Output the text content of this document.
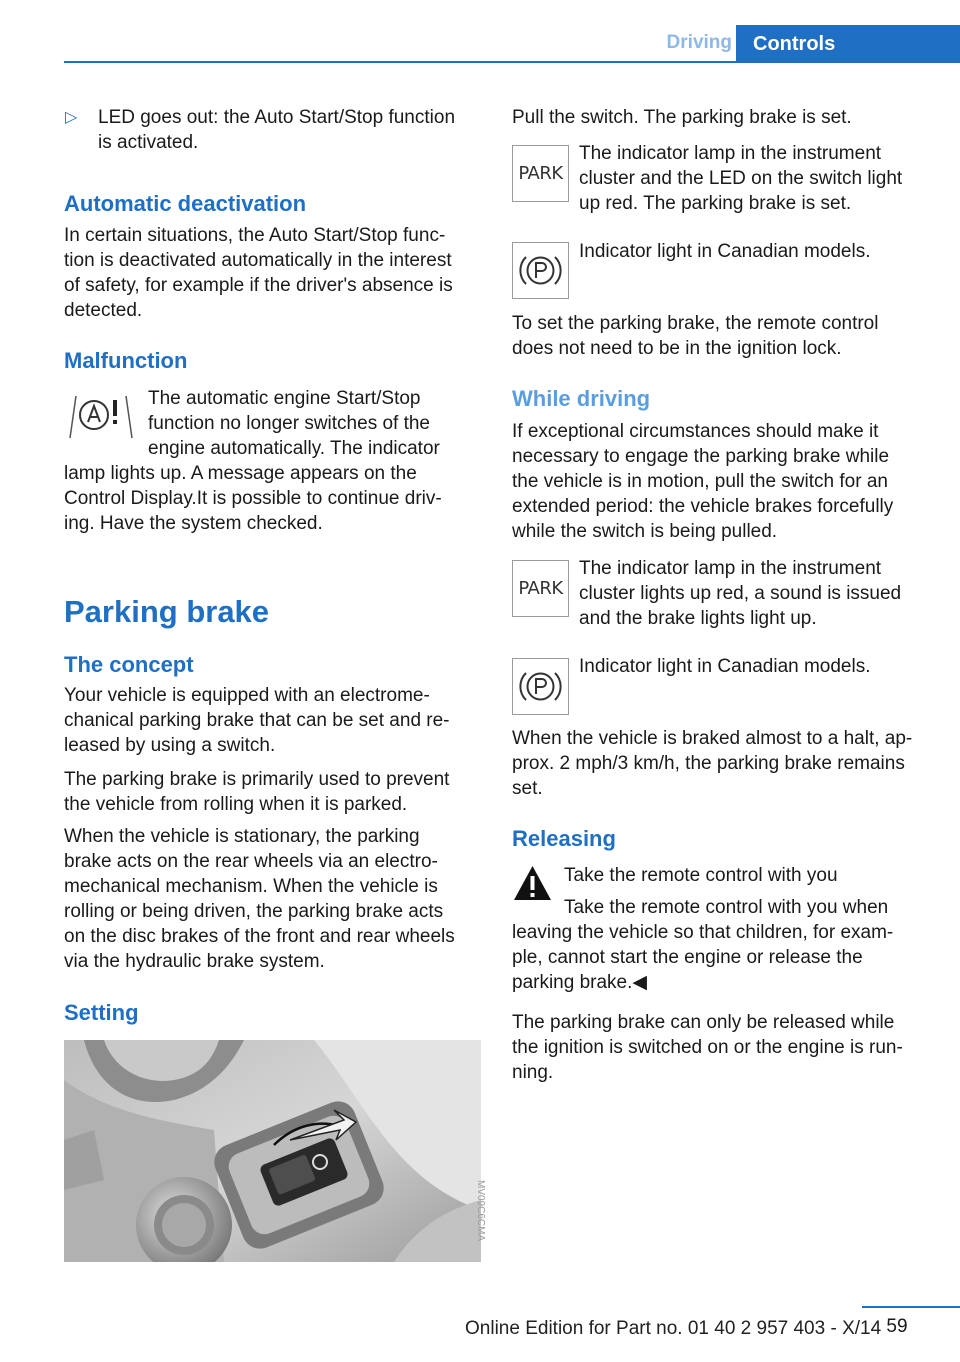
Driving	Controls
▷ LED goes out: the Auto Start/Stop function
is activated.
Automatic deactivation
In certain situations, the Auto Start/Stop func-
tion is deactivated automatically in the interest
of safety, for example if the driver's absence is
detected.
Malfunction
The automatic engine Start/Stop
function no longer switches of the
engine automatically. The indicator
lamp lights up. A message appears on the
Control Display.It is possible to continue driv-
ing. Have the system checked.
Parking brake
The concept
Your vehicle is equipped with an electrome-
chanical parking brake that can be set and re-
leased by using a switch.
The parking brake is primarily used to prevent
the vehicle from rolling when it is parked.
When the vehicle is stationary, the parking
brake acts on the rear wheels via an electro-
mechanical mechanism. When the vehicle is
rolling or being driven, the parking brake acts
on the disc brakes of the front and rear wheels
via the hydraulic brake system.
Setting
MV09C6CMA
Pull the switch. The parking brake is set.
PARK
The indicator lamp in the instrument
cluster and the LED on the switch light
up red. The parking brake is set.
Indicator light in Canadian models.
To set the parking brake, the remote control
does not need to be in the ignition lock.
While driving
If exceptional circumstances should make it
necessary to engage the parking brake while
the vehicle is in motion, pull the switch for an
extended period: the vehicle brakes forcefully
while the switch is being pulled.
PARK
The indicator lamp in the instrument
cluster lights up red, a sound is issued
and the brake lights light up.
Indicator light in Canadian models.
When the vehicle is braked almost to a halt, ap-
prox. 2 mph/3 km/h, the parking brake remains
set.
Releasing
Take the remote control with you
Take the remote control with you when
leaving the vehicle so that children, for exam-
ple, cannot start the engine or release the
parking brake.◀
The parking brake can only be released while
the ignition is switched on or the engine is run-
ning.
59
Online Edition for Part no. 01 40 2 957 403 - X/14
